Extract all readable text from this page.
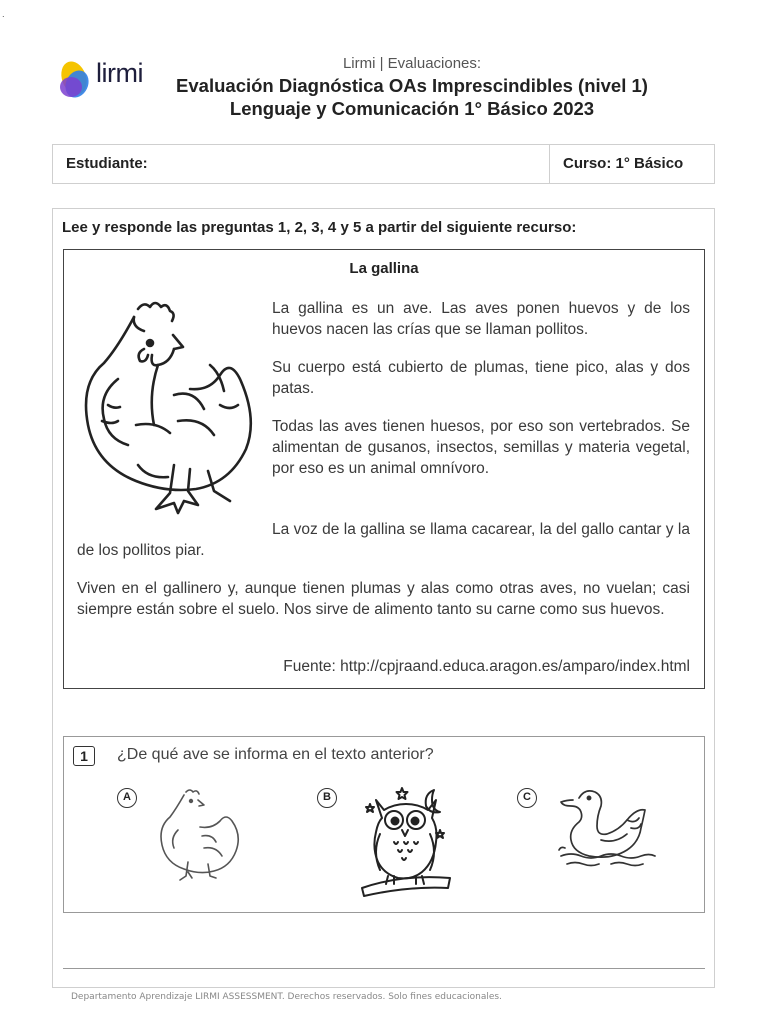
.
lirmi	Lirmi | Evaluaciones:
Evaluación Diagnóstica OAs Imprescindibles (nivel 1) Lenguaje y Comunicación 1° Básico 2023
Estudiante:	Curso: 1° Básico
Lee y responde las preguntas 1, 2, 3, 4 y 5 a partir del siguiente recurso:
La gallina
La gallina es un ave. Las aves ponen huevos y de los huevos nacen las crías que se llaman pollitos.
Su cuerpo está cubierto de plumas, tiene pico, alas y dos patas.
Todas las aves tienen huesos, por eso son vertebrados. Se alimentan de gusanos, insectos, semillas y materia vegetal, por eso es un animal omnívoro.
La voz de la gallina se llama cacarear, la del gallo cantar y la de los pollitos piar.
Viven en el gallinero y, aunque tienen plumas y alas como otras aves, no vuelan; casi siempre están sobre el suelo. Nos sirve de alimento tanto su carne como sus huevos.
Fuente: http://cpjraand.educa.aragon.es/amparo/index.html
1	¿De qué ave se informa en el texto anterior?
A	B	C
Departamento Aprendizaje LIRMI ASSESSMENT. Derechos reservados. Solo fines educacionales.
